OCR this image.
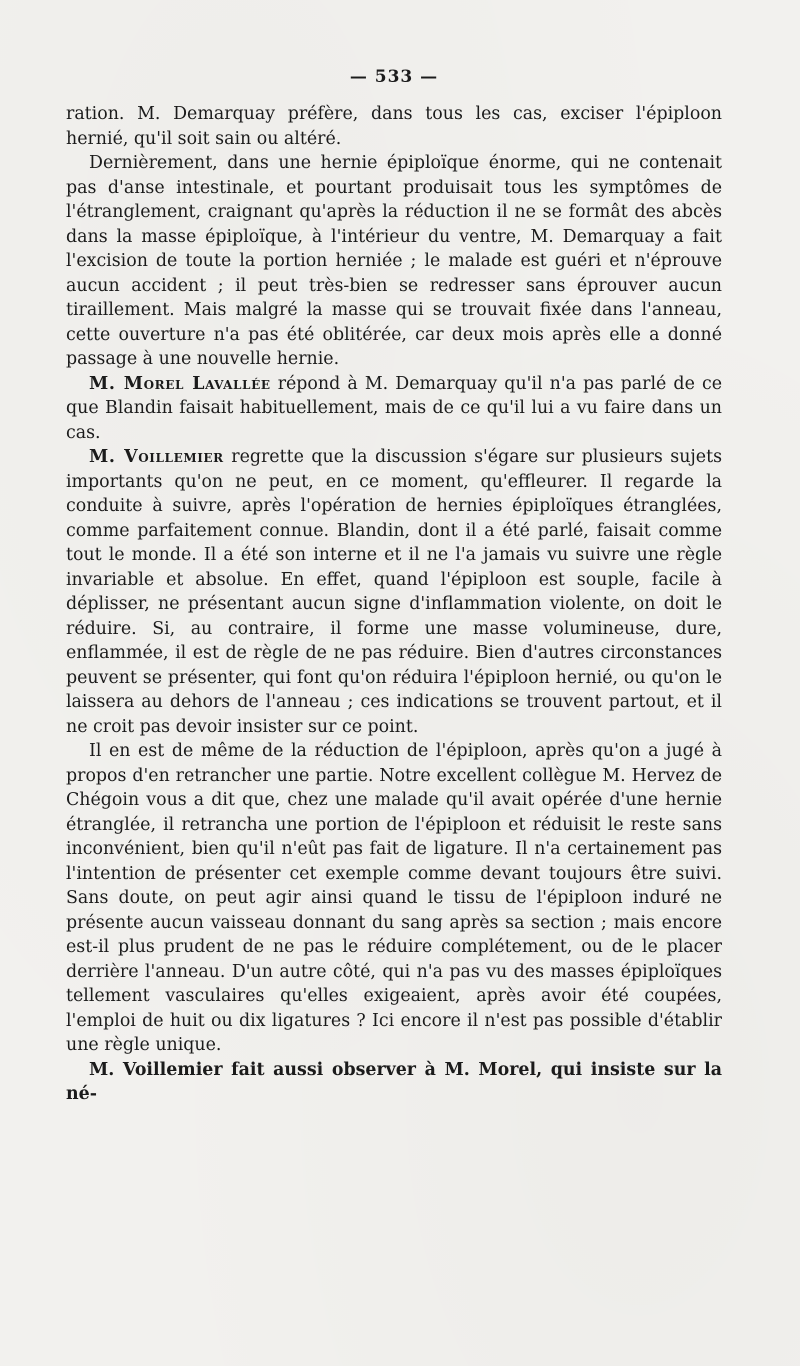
— 533 —

ration. M. Demarquay préfère, dans tous les cas, exciser l'épiploon hernié, qu'il soit sain ou altéré.

Dernièrement, dans une hernie épiploïque énorme, qui ne contenait pas d'anse intestinale, et pourtant produisait tous les symptômes de l'étranglement, craignant qu'après la réduction il ne se formât des abcès dans la masse épiploïque, à l'intérieur du ventre, M. Demarquay a fait l'excision de toute la portion herniée ; le malade est guéri et n'éprouve aucun accident ; il peut très-bien se redresser sans éprouver aucun tiraillement. Mais malgré la masse qui se trouvait fixée dans l'anneau, cette ouverture n'a pas été oblitérée, car deux mois après elle a donné passage à une nouvelle hernie.

M. Morel Lavallée répond à M. Demarquay qu'il n'a pas parlé de ce que Blandin faisait habituellement, mais de ce qu'il lui a vu faire dans un cas.

M. Voillemier regrette que la discussion s'égare sur plusieurs sujets importants qu'on ne peut, en ce moment, qu'effleurer. Il regarde la conduite à suivre, après l'opération de hernies épiploïques étranglées, comme parfaitement connue. Blandin, dont il a été parlé, faisait comme tout le monde. Il a été son interne et il ne l'a jamais vu suivre une règle invariable et absolue. En effet, quand l'épiploon est souple, facile à déplisser, ne présentant aucun signe d'inflammation violente, on doit le réduire. Si, au contraire, il forme une masse volumineuse, dure, enflammée, il est de règle de ne pas réduire. Bien d'autres circonstances peuvent se présenter, qui font qu'on réduira l'épiploon hernié, ou qu'on le laissera au dehors de l'anneau ; ces indications se trouvent partout, et il ne croit pas devoir insister sur ce point.

Il en est de même de la réduction de l'épiploon, après qu'on a jugé à propos d'en retrancher une partie. Notre excellent collègue M. Hervez de Chégoin vous a dit que, chez une malade qu'il avait opérée d'une hernie étranglée, il retrancha une portion de l'épiploon et réduisit le reste sans inconvénient, bien qu'il n'eût pas fait de ligature. Il n'a certainement pas l'intention de présenter cet exemple comme devant toujours être suivi. Sans doute, on peut agir ainsi quand le tissu de l'épiploon induré ne présente aucun vaisseau donnant du sang après sa section ; mais encore est-il plus prudent de ne pas le réduire complétement, ou de le placer derrière l'anneau. D'un autre côté, qui n'a pas vu des masses épiploïques tellement vasculaires qu'elles exigeaient, après avoir été coupées, l'emploi de huit ou dix ligatures ? Ici encore il n'est pas possible d'établir une règle unique.

M. Voillemier fait aussi observer à M. Morel, qui insiste sur la né-
